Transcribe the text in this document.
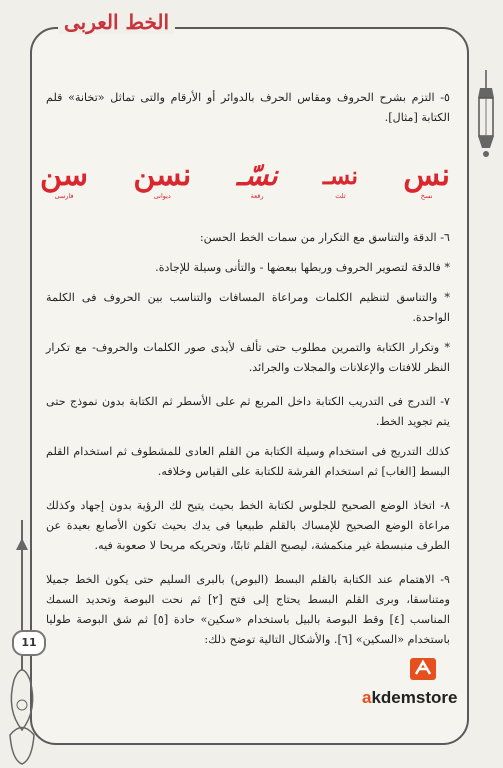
الخط العربى

٥- التزم بشرح الحروف ومقاس الحرف بالدوائر أو الأرقام والتى تماثل «تخانة» قلم الكتابة [مثال].

نس
نسخ
نسـ
ثلث
نسّـ
رقعة
نسن
ديوانى
سن
فارسى

٦- الدقة والتناسق مع التكرار من سمات الخط الحسن:

* فالدقة لتصوير الحروف وربطها ببعضها - والتأنى وسيلة للإجادة.

* والتناسق لتنظيم الكلمات ومراعاة المسافات والتناسب بين الحروف فى الكلمة الواحدة.

* وتكرار الكتابة والتمرين مطلوب حتى تألف لأيدى صور الكلمات والحروف- مع تكرار النظر للافتات والإعلانات والمجلات والجرائد.

٧- التدرج فى التدريب الكتابة داخل المربع ثم على الأسطر ثم الكتابة بدون نموذج حتى يتم تجويد الخط.

كذلك التدريج فى استخدام وسيلة الكتابة من القلم العادى للمشطوف ثم استخدام القلم البسط [الغاب] ثم استخدام الفرشة للكتابة على القياس وخلافه.

٨- اتخاذ الوضع الصحيح للجلوس لكتابة الخط بحيث يتيح لك الرؤية بدون إجهاد وكذلك مراعاة الوضع الصحيح للإمساك بالقلم طبيعيا فى يدك بحيث تكون الأصابع بعيدة عن الطرف منبسطة غير منكمشة، ليصبح القلم ثابتًا، وتحريكه مريحا لا صعوبة فيه.

٩- الاهتمام عند الكتابة بالقلم البسط (البوص) بالبرى السليم حتى يكون الخط جميلا ومتناسقا، وبرى القلم البسط يحتاج إلى فتح [٢] ثم نحت البوصة وتحديد السمك المناسب [٤] وقط البوصة بالبيل باستخدام «سكين» حادة [٥] ثم شق البوصة طوليا باستخدام «السكين» [٦]. والأشكال التالية توضح ذلك:

11
akdemstore
